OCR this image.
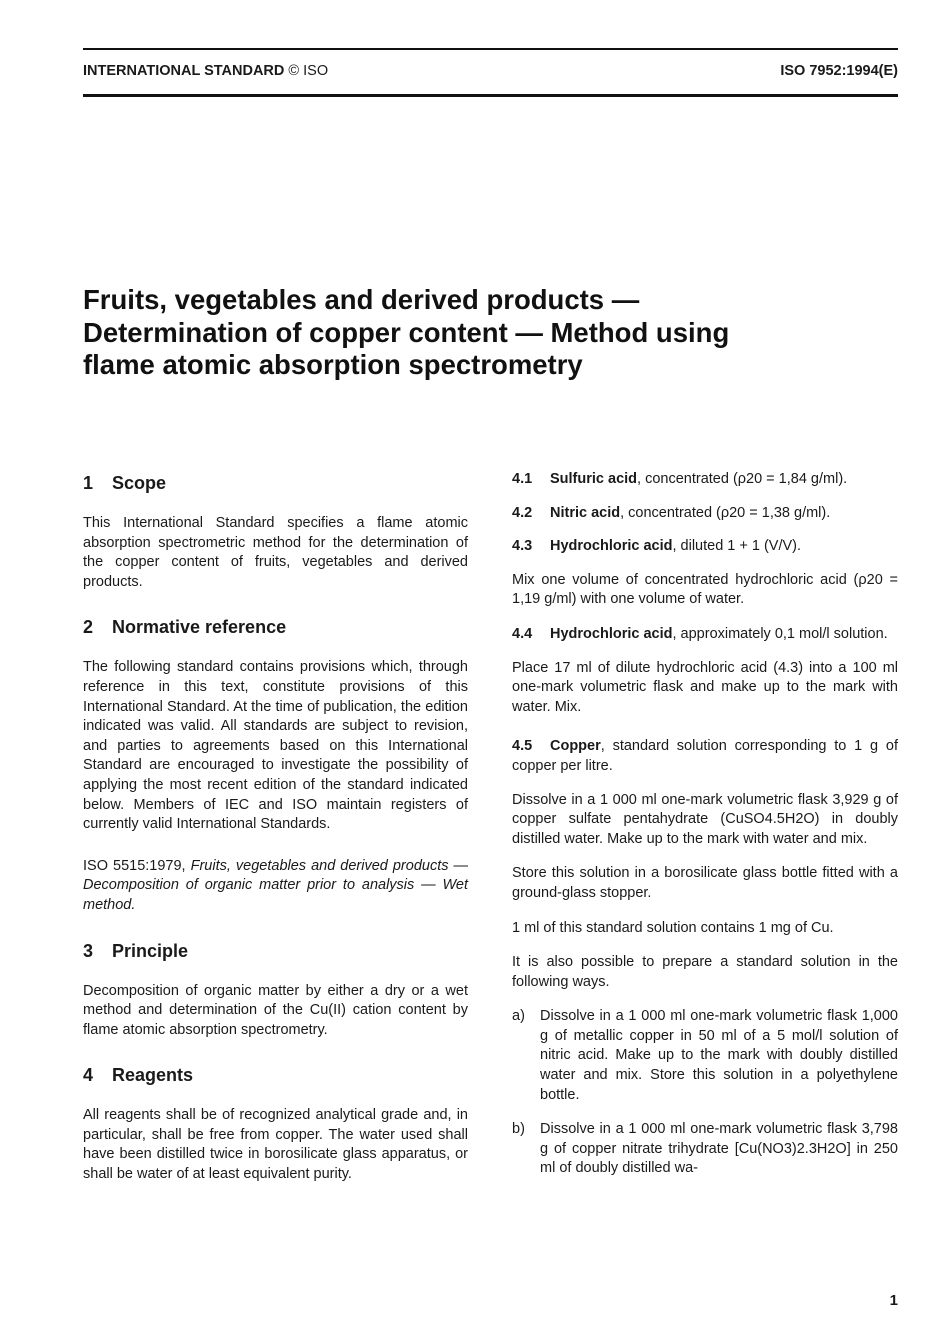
INTERNATIONAL STANDARD © ISO	ISO 7952:1994(E)
Fruits, vegetables and derived products —
Determination of copper content — Method using
flame atomic absorption spectrometry
1 Scope

This International Standard specifies a flame atomic absorption spectrometric method for the determination of the copper content of fruits, vegetables and derived products.

2 Normative reference

The following standard contains provisions which, through reference in this text, constitute provisions of this International Standard. At the time of publication, the edition indicated was valid. All standards are subject to revision, and parties to agreements based on this International Standard are encouraged to investigate the possibility of applying the most recent edition of the standard indicated below. Members of IEC and ISO maintain registers of currently valid International Standards.

ISO 5515:1979, Fruits, vegetables and derived products — Decomposition of organic matter prior to analysis — Wet method.

3 Principle

Decomposition of organic matter by either a dry or a wet method and determination of the Cu(II) cation content by flame atomic absorption spectrometry.

4 Reagents

All reagents shall be of recognized analytical grade and, in particular, shall be free from copper. The water used shall have been distilled twice in borosilicate glass apparatus, or shall be water of at least equivalent purity.

4.1 Sulfuric acid, concentrated (ρ20 = 1,84 g/ml).
4.2 Nitric acid, concentrated (ρ20 = 1,38 g/ml).
4.3 Hydrochloric acid, diluted 1 + 1 (V/V).

Mix one volume of concentrated hydrochloric acid (ρ20 = 1,19 g/ml) with one volume of water.

4.4 Hydrochloric acid, approximately 0,1 mol/l solution.

Place 17 ml of dilute hydrochloric acid (4.3) into a 100 ml one-mark volumetric flask and make up to the mark with water. Mix.

4.5 Copper, standard solution corresponding to 1 g of copper per litre.

Dissolve in a 1 000 ml one-mark volumetric flask 3,929 g of copper sulfate pentahydrate (CuSO4.5H2O) in doubly distilled water. Make up to the mark with water and mix.

Store this solution in a borosilicate glass bottle fitted with a ground-glass stopper.

1 ml of this standard solution contains 1 mg of Cu.

It is also possible to prepare a standard solution in the following ways.

a)	Dissolve in a 1 000 ml one-mark volumetric flask 1,000 g of metallic copper in 50 ml of a 5 mol/l solution of nitric acid. Make up to the mark with doubly distilled water and mix. Store this solution in a polyethylene bottle.
b)	Dissolve in a 1 000 ml one-mark volumetric flask 3,798 g of copper nitrate trihydrate [Cu(NO3)2.3H2O] in 250 ml of doubly distilled wa-
1
